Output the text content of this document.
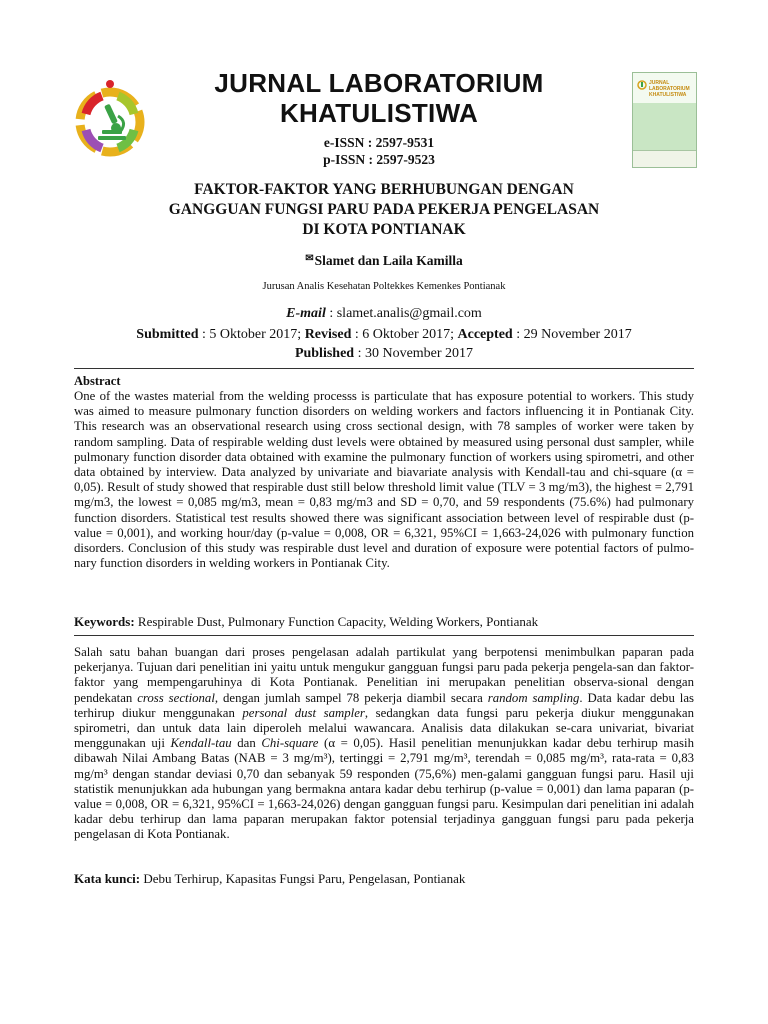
JURNAL LABORATORIUM
KHATULISTIWA
e-ISSN : 2597-9531
p-ISSN : 2597-9523
JURNAL LABORATORIUM
KHATULISTIWA
FAKTOR-FAKTOR YANG BERHUBUNGAN DENGAN
GANGGUAN FUNGSI PARU PADA PEKERJA PENGELASAN
DI KOTA PONTIANAK
✉Slamet dan Laila Kamilla
Jurusan Analis Kesehatan Poltekkes Kemenkes Pontianak
E-mail : slamet.analis@gmail.com
Submitted : 5 Oktober 2017; Revised : 6 Oktober 2017; Accepted : 29 November 2017
Published : 30 November 2017
Abstract
One of the wastes material from the welding processs is particulate that has exposure potential to workers. This study was aimed to measure pulmonary function disorders on welding workers and factors influencing it in Pontianak City. This research was an observational research using cross sectional design, with 78 samples of worker were taken by random sampling. Data of respirable welding dust levels were obtained by measured using personal dust sampler, while pulmonary function disorder data obtained with examine the pulmonary function of workers using spirometri, and other data obtained by interview. Data analyzed by univariate and biavariate analysis with Kendall-tau and chi-square (α = 0,05). Result of study showed that respirable dust still below threshold limit value (TLV = 3 mg/m3), the highest = 2,791 mg/m3, the lowest = 0,085 mg/m3, mean = 0,83 mg/m3 and SD = 0,70, and 59 respondents (75.6%) had pulmonary function disorders. Statistical test results showed there was significant association between level of respirable dust (p-value = 0,001), and working hour/day (p-value = 0,008, OR = 6,321, 95%CI = 1,663-24,026 with pulmonary function disorders. Conclusion of this study was respirable dust level and duration of exposure were potential factors of pulmo-nary function disorders in welding workers in Pontianak City.
Keywords: Respirable Dust, Pulmonary Function Capacity, Welding Workers, Pontianak
Salah satu bahan buangan dari proses pengelasan adalah partikulat yang berpotensi menimbulkan paparan pada pekerjanya. Tujuan dari penelitian ini yaitu untuk mengukur gangguan fungsi paru pada pekerja pengela-san dan faktor-faktor yang mempengaruhinya di Kota Pontianak. Penelitian ini merupakan penelitian observa-sional dengan pendekatan cross sectional, dengan jumlah sampel 78 pekerja diambil secara random sampling. Data kadar debu las terhirup diukur menggunakan personal dust sampler, sedangkan data fungsi paru pekerja diukur menggunakan spirometri, dan untuk data lain diperoleh melalui wawancara. Analisis data dilakukan se-cara univariat, bivariat menggunakan uji Kendall-tau dan Chi-square (α = 0,05). Hasil penelitian menunjukkan kadar debu terhirup masih dibawah Nilai Ambang Batas (NAB = 3 mg/m³), tertinggi = 2,791 mg/m³, terendah = 0,085 mg/m³, rata-rata = 0,83 mg/m³ dengan standar deviasi 0,70 dan sebanyak 59 responden (75,6%) men-galami gangguan fungsi paru. Hasil uji statistik menunjukkan ada hubungan yang bermakna antara kadar debu terhirup (p-value = 0,001) dan lama paparan (p-value = 0,008, OR = 6,321, 95%CI = 1,663-24,026) dengan gangguan fungsi paru. Kesimpulan dari penelitian ini adalah kadar debu terhirup dan lama paparan merupakan faktor potensial terjadinya gangguan fungsi paru pada pekerja pengelasan di Kota Pontianak.
Kata kunci: Debu Terhirup, Kapasitas Fungsi Paru, Pengelasan, Pontianak
